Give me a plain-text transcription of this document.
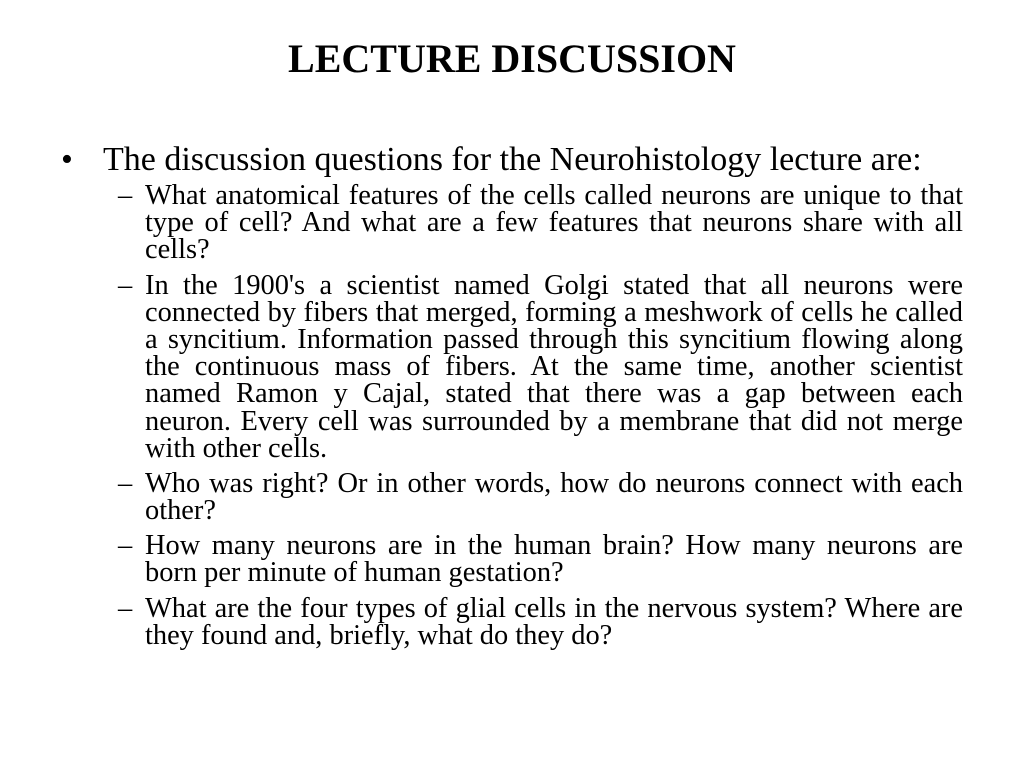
LECTURE DISCUSSION
• The discussion questions for the Neurohistology lecture are:
– What anatomical features of the cells called neurons are unique to that
type of cell? And what are a few features that neurons share with all
cells?
– In the 1900's a scientist named Golgi stated that all neurons were
connected by fibers that merged, forming a meshwork of cells he called
a syncitium. Information passed through this syncitium flowing along
the continuous mass of fibers. At the same time, another scientist
named Ramon y Cajal, stated that there was a gap between each
neuron. Every cell was surrounded by a membrane that did not merge
with other cells.
– Who was right? Or in other words, how do neurons connect with each
other?
– How many neurons are in the human brain? How many neurons are
born per minute of human gestation?
– What are the four types of glial cells in the nervous system? Where are
they found and, briefly, what do they do?
